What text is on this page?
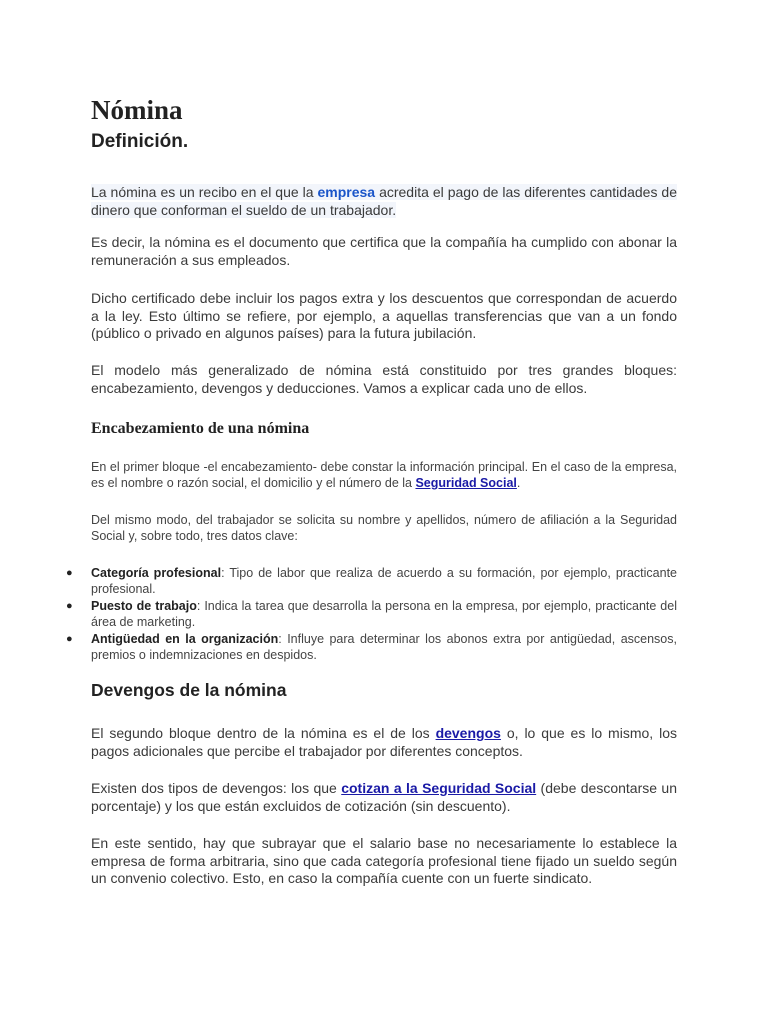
Nómina
Definición.

La nómina es un recibo en el que la empresa acredita el pago de las diferentes cantidades de dinero que conforman el sueldo de un trabajador.

Es decir, la nómina es el documento que certifica que la compañía ha cumplido con abonar la remuneración a sus empleados.

Dicho certificado debe incluir los pagos extra y los descuentos que correspondan de acuerdo a la ley. Esto último se refiere, por ejemplo, a aquellas transferencias que van a un fondo (público o privado en algunos países) para la futura jubilación.

El modelo más generalizado de nómina está constituido por tres grandes bloques: encabezamiento, devengos y deducciones. Vamos a explicar cada uno de ellos.

Encabezamiento de una nómina

En el primer bloque -el encabezamiento- debe constar la información principal. En el caso de la empresa, es el nombre o razón social, el domicilio y el número de la Seguridad Social.

Del mismo modo, del trabajador se solicita su nombre y apellidos, número de afiliación a la Seguridad Social y, sobre todo, tres datos clave:

● Categoría profesional: Tipo de labor que realiza de acuerdo a su formación, por ejemplo, practicante profesional.
● Puesto de trabajo: Indica la tarea que desarrolla la persona en la empresa, por ejemplo, practicante del área de marketing.
● Antigüedad en la organización: Influye para determinar los abonos extra por antigüedad, ascensos, premios o indemnizaciones en despidos.
Devengos de la nómina

El segundo bloque dentro de la nómina es el de los devengos o, lo que es lo mismo, los pagos adicionales que percibe el trabajador por diferentes conceptos.

Existen dos tipos de devengos: los que cotizan a la Seguridad Social (debe descontarse un porcentaje) y los que están excluidos de cotización (sin descuento).

En este sentido, hay que subrayar que el salario base no necesariamente lo establece la empresa de forma arbitraria, sino que cada categoría profesional tiene fijado un sueldo según un convenio colectivo. Esto, en caso la compañía cuente con un fuerte sindicato.
